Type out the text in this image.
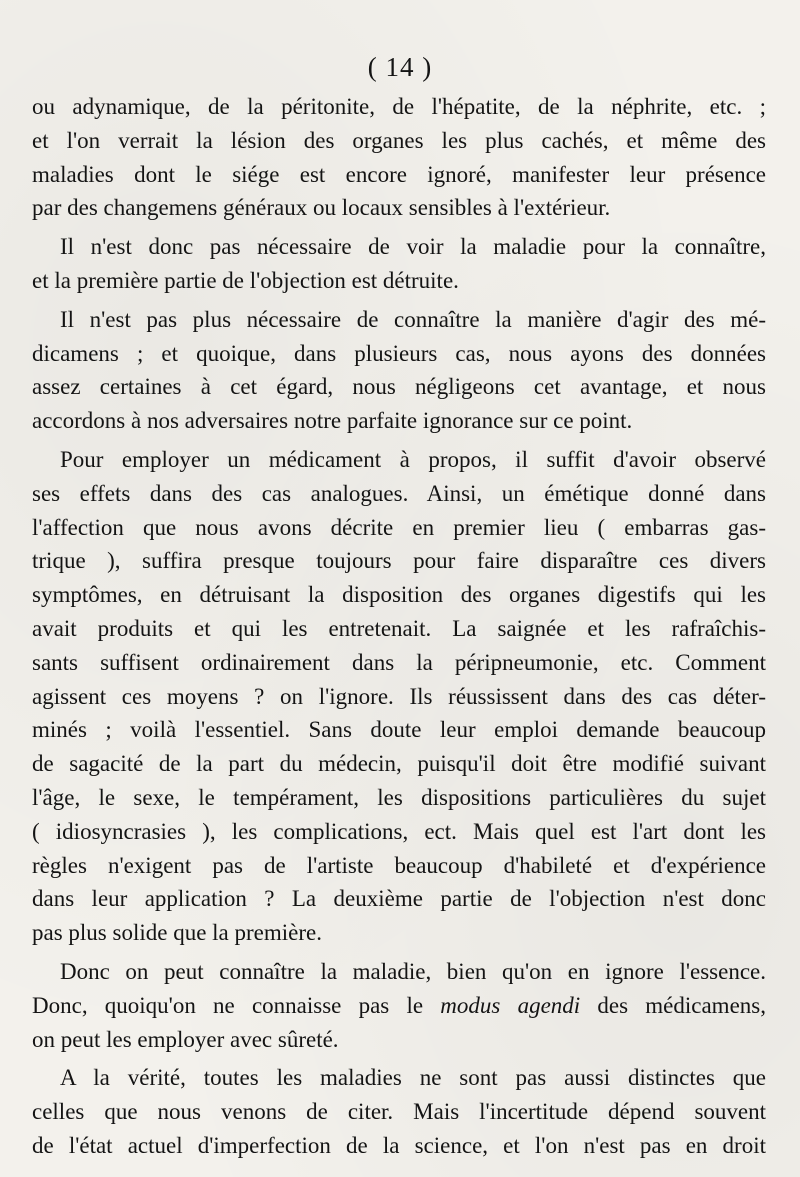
( 14 )
ou adynamique, de la péritonite, de l'hépatite, de la néphrite, etc. ;
et l'on verrait la lésion des organes les plus cachés, et même des
maladies dont le siége est encore ignoré, manifester leur présence
par des changemens généraux ou locaux sensibles à l'extérieur.
Il n'est donc pas nécessaire de voir la maladie pour la connaître,
et la première partie de l'objection est détruite.
Il n'est pas plus nécessaire de connaître la manière d'agir des mé-
dicamens ; et quoique, dans plusieurs cas, nous ayons des données
assez certaines à cet égard, nous négligeons cet avantage, et nous
accordons à nos adversaires notre parfaite ignorance sur ce point.
Pour employer un médicament à propos, il suffit d'avoir observé
ses effets dans des cas analogues. Ainsi, un émétique donné dans
l'affection que nous avons décrite en premier lieu ( embarras gas-
trique ), suffira presque toujours pour faire disparaître ces divers
symptômes, en détruisant la disposition des organes digestifs qui les
avait produits et qui les entretenait. La saignée et les rafraîchis-
sants suffisent ordinairement dans la péripneumonie, etc. Comment
agissent ces moyens ? on l'ignore. Ils réussissent dans des cas déter-
minés ; voilà l'essentiel. Sans doute leur emploi demande beaucoup
de sagacité de la part du médecin, puisqu'il doit être modifié suivant
l'âge, le sexe, le tempérament, les dispositions particulières du sujet
( idiosyncrasies ), les complications, ect. Mais quel est l'art dont les
règles n'exigent pas de l'artiste beaucoup d'habileté et d'expérience
dans leur application ? La deuxième partie de l'objection n'est donc
pas plus solide que la première.
Donc on peut connaître la maladie, bien qu'on en ignore l'essence.
Donc, quoiqu'on ne connaisse pas le modus agendi des médicamens,
on peut les employer avec sûreté.
A la vérité, toutes les maladies ne sont pas aussi distinctes que
celles que nous venons de citer. Mais l'incertitude dépend souvent
de l'état actuel d'imperfection de la science, et l'on n'est pas en droit
